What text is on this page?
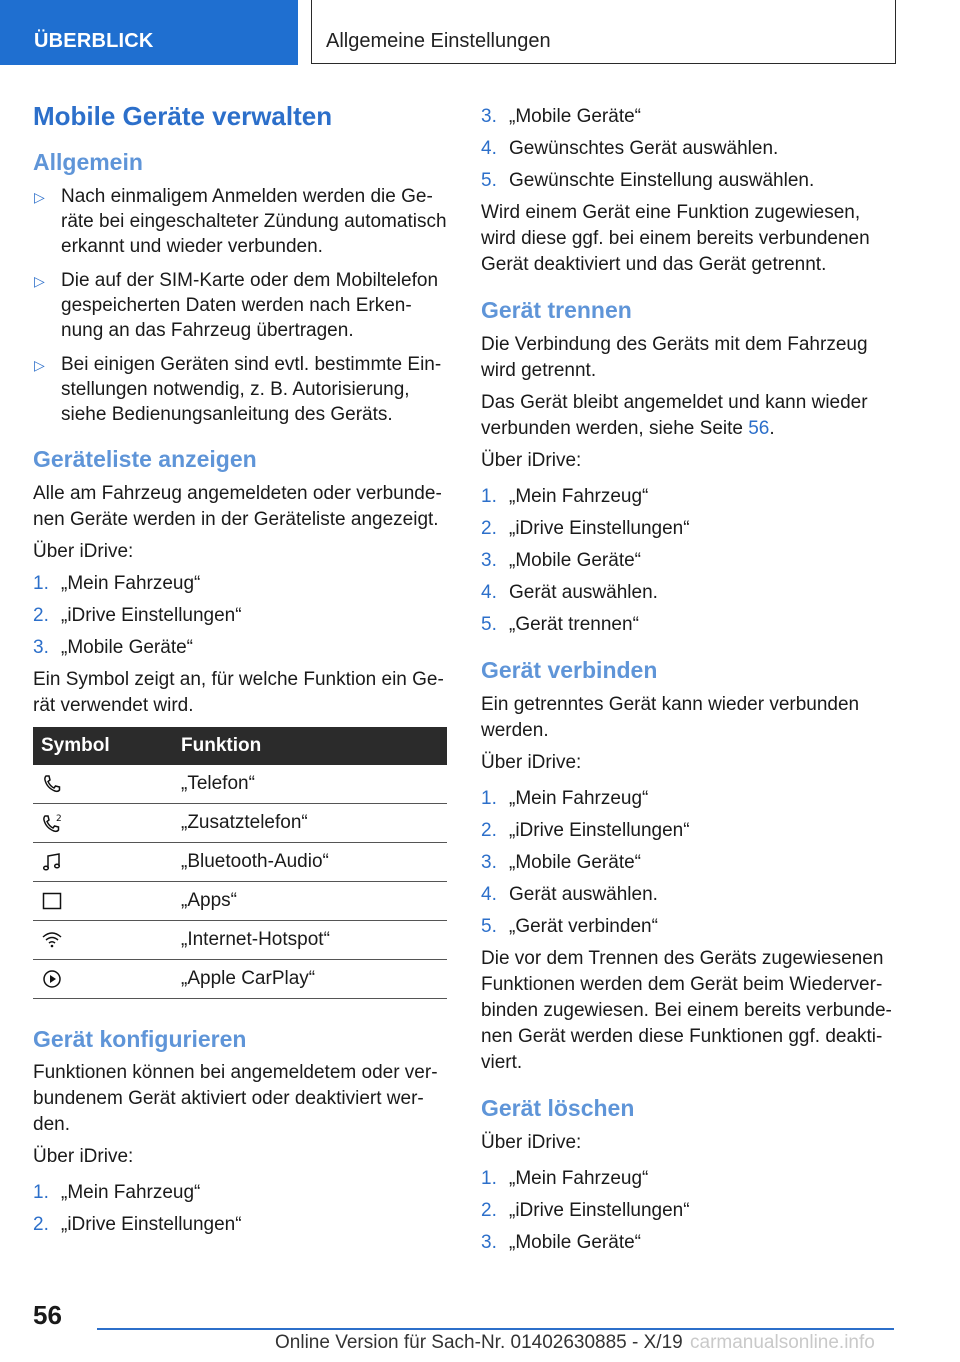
ÜBERBLICK	Allgemeine Einstellungen
Mobile Geräte verwalten
Allgemein
▷ Nach einmaligem Anmelden werden die Geräte bei eingeschalteter Zündung automatisch erkannt und wieder verbunden.
▷ Die auf der SIM-Karte oder dem Mobiltelefon gespeicherten Daten werden nach Erkennung an das Fahrzeug übertragen.
▷ Bei einigen Geräten sind evtl. bestimmte Einstellungen notwendig, z. B. Autorisierung, siehe Bedienungsanleitung des Geräts.
Geräteliste anzeigen

Alle am Fahrzeug angemeldeten oder verbundenen Geräte werden in der Geräteliste angezeigt.

Über iDrive:

1. „Mein Fahrzeug“
2. „iDrive Einstellungen“
3. „Mobile Geräte“

Ein Symbol zeigt an, für welche Funktion ein Gerät verwendet wird.

Symbol	Funktion

	„Telefon“

2	„Zusatztelefon“

	„Bluetooth-Audio“

	„Apps“

	„Internet-Hotspot“

	„Apple CarPlay“
Gerät konfigurieren

Funktionen können bei angemeldetem oder verbundenem Gerät aktiviert oder deaktiviert werden.

Über iDrive:

1. „Mein Fahrzeug“
2. „iDrive Einstellungen“
3. „Mobile Geräte“
4. Gewünschtes Gerät auswählen.
5. Gewünschte Einstellung auswählen.

Wird einem Gerät eine Funktion zugewiesen, wird diese ggf. bei einem bereits verbundenen Gerät deaktiviert und das Gerät getrennt.

Gerät trennen

Die Verbindung des Geräts mit dem Fahrzeug wird getrennt.

Das Gerät bleibt angemeldet und kann wieder verbunden werden, siehe Seite 56.

Über iDrive:

1. „Mein Fahrzeug“
2. „iDrive Einstellungen“
3. „Mobile Geräte“
4. Gerät auswählen.
5. „Gerät trennen“
Gerät verbinden

Ein getrenntes Gerät kann wieder verbunden werden.

Über iDrive:

1. „Mein Fahrzeug“
2. „iDrive Einstellungen“
3. „Mobile Geräte“
4. Gerät auswählen.
5. „Gerät verbinden“

Die vor dem Trennen des Geräts zugewiesenen Funktionen werden dem Gerät beim Wiederverbinden zugewiesen. Bei einem bereits verbundenen Gerät werden diese Funktionen ggf. deaktiviert.

Gerät löschen

Über iDrive:

1. „Mein Fahrzeug“
2. „iDrive Einstellungen“
3. „Mobile Geräte“
56
Online Version für Sach-Nr. 01402630885 - X/19 carmanualsonline.info
